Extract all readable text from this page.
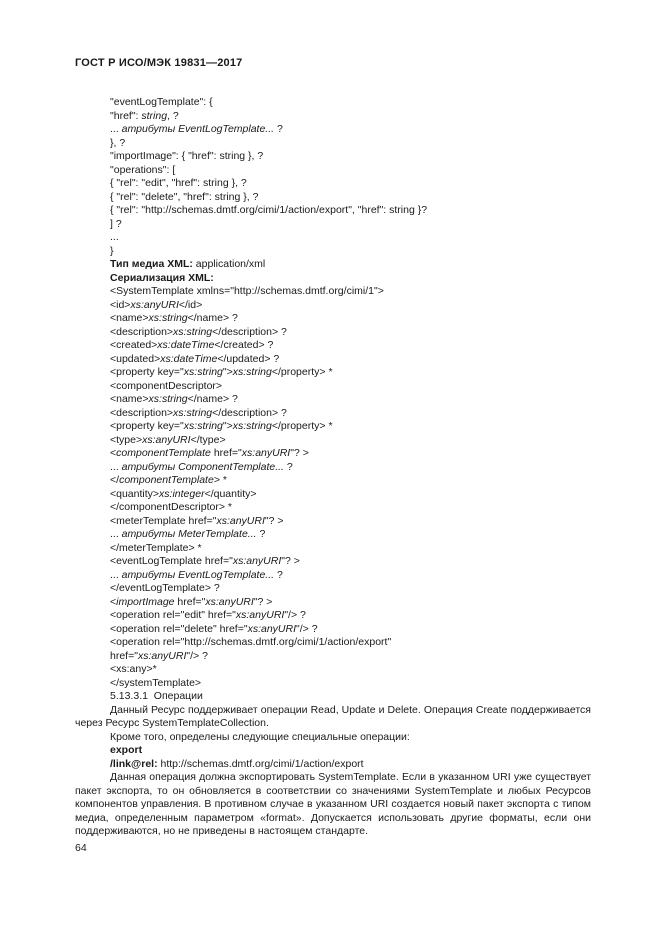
ГОСТ Р ИСО/МЭК 19831—2017
"eventLogTemplate": {
"href": string, ?
... атрибуты EventLogTemplate... ?
}, ?
"importImage": { "href": string }, ?
"operations": [
{ "rel": "edit", "href": string }, ?
{ "rel": "delete", "href": string }, ?
{ "rel": "http://schemas.dmtf.org/cimi/1/action/export", "href": string }?
] ?
...
}
Тип медиа XML: application/xml
Сериализация XML:
<SystemTemplate xmlns="http://schemas.dmtf.org/cimi/1">
<id>xs:anyURI</id>
<name>xs:string</name> ?
<description>xs:string</description> ?
<created>xs:dateTime</created> ?
<updated>xs:dateTime</updated> ?
<property key="xs:string">xs:string</property> *
<componentDescriptor>
<name>xs:string</name> ?
<description>xs:string</description> ?
<property key="xs:string">xs:string</property> *
<type>xs:anyURI</type>
<componentTemplate href="xs:anyURI"? >
... атрибуты ComponentTemplate... ?
</componentTemplate> *
<quantity>xs:integer</quantity>
</componentDescriptor> *
<meterTemplate href="xs:anyURI"? >
... атрибуты MeterTemplate... ?
</meterTemplate> *
<eventLogTemplate href="xs:anyURI"? >
... атрибуты EventLogTemplate... ?
</eventLogTemplate> ?
<importImage href="xs:anyURI"? >
<operation rel="edit" href="xs:anyURI"/> ?
<operation rel="delete" href="xs:anyURI"/> ?
<operation rel="http://schemas.dmtf.org/cimi/1/action/export"
href="xs:anyURI"/> ?
<xs:any>*
</systemTemplate>
5.13.3.1  Операции
Данный Ресурс поддерживает операции Read, Update и Delete. Операция Create поддерживается через Ресурс SystemTemplateCollection.
Кроме того, определены следующие специальные операции:
export
/link@rel: http://schemas.dmtf.org/cimi/1/action/export
Данная операция должна экспортировать SystemTemplate. Если в указанном URI уже существует пакет экспорта, то он обновляется в соответствии со значениями SystemTemplate и любых Ресурсов компонентов управления. В противном случае в указанном URI создается новый пакет экспорта с типом медиа, определенным параметром «format». Допускается использовать другие форматы, если они поддерживаются, но не приведены в настоящем стандарте.
64
